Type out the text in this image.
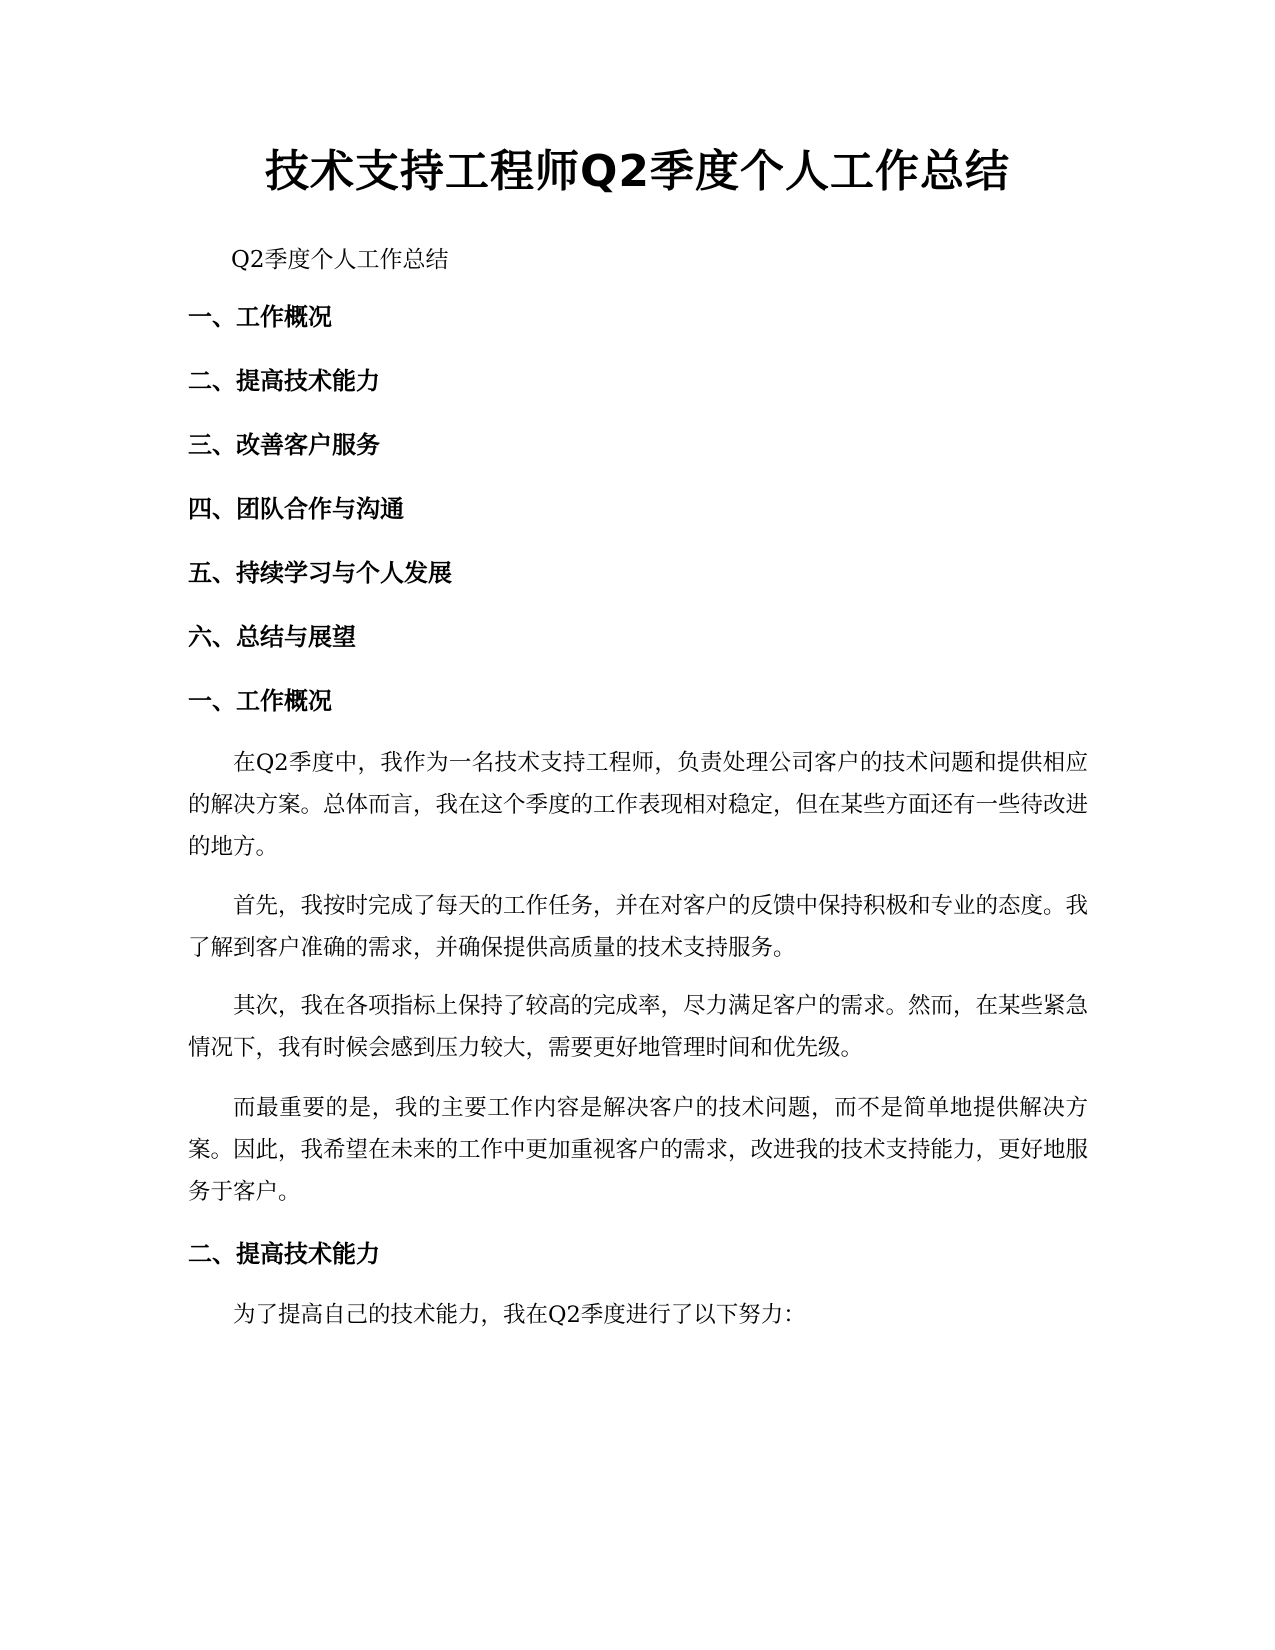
技术支持工程师Q2季度个人工作总结

Q2季度个人工作总结

一、工作概况

二、提高技术能力

三、改善客户服务

四、团队合作与沟通

五、持续学习与个人发展

六、总结与展望

一、工作概况

在Q2季度中，我作为一名技术支持工程师，负责处理公司客户的技术问题和提供相应的解决方案。总体而言，我在这个季度的工作表现相对稳定，但在某些方面还有一些待改进的地方。

首先，我按时完成了每天的工作任务，并在对客户的反馈中保持积极和专业的态度。我了解到客户准确的需求，并确保提供高质量的技术支持服务。

其次，我在各项指标上保持了较高的完成率，尽力满足客户的需求。然而，在某些紧急情况下，我有时候会感到压力较大，需要更好地管理时间和优先级。

而最重要的是，我的主要工作内容是解决客户的技术问题，而不是简单地提供解决方案。因此，我希望在未来的工作中更加重视客户的需求，改进我的技术支持能力，更好地服务于客户。

二、提高技术能力

为了提高自己的技术能力，我在Q2季度进行了以下努力：
